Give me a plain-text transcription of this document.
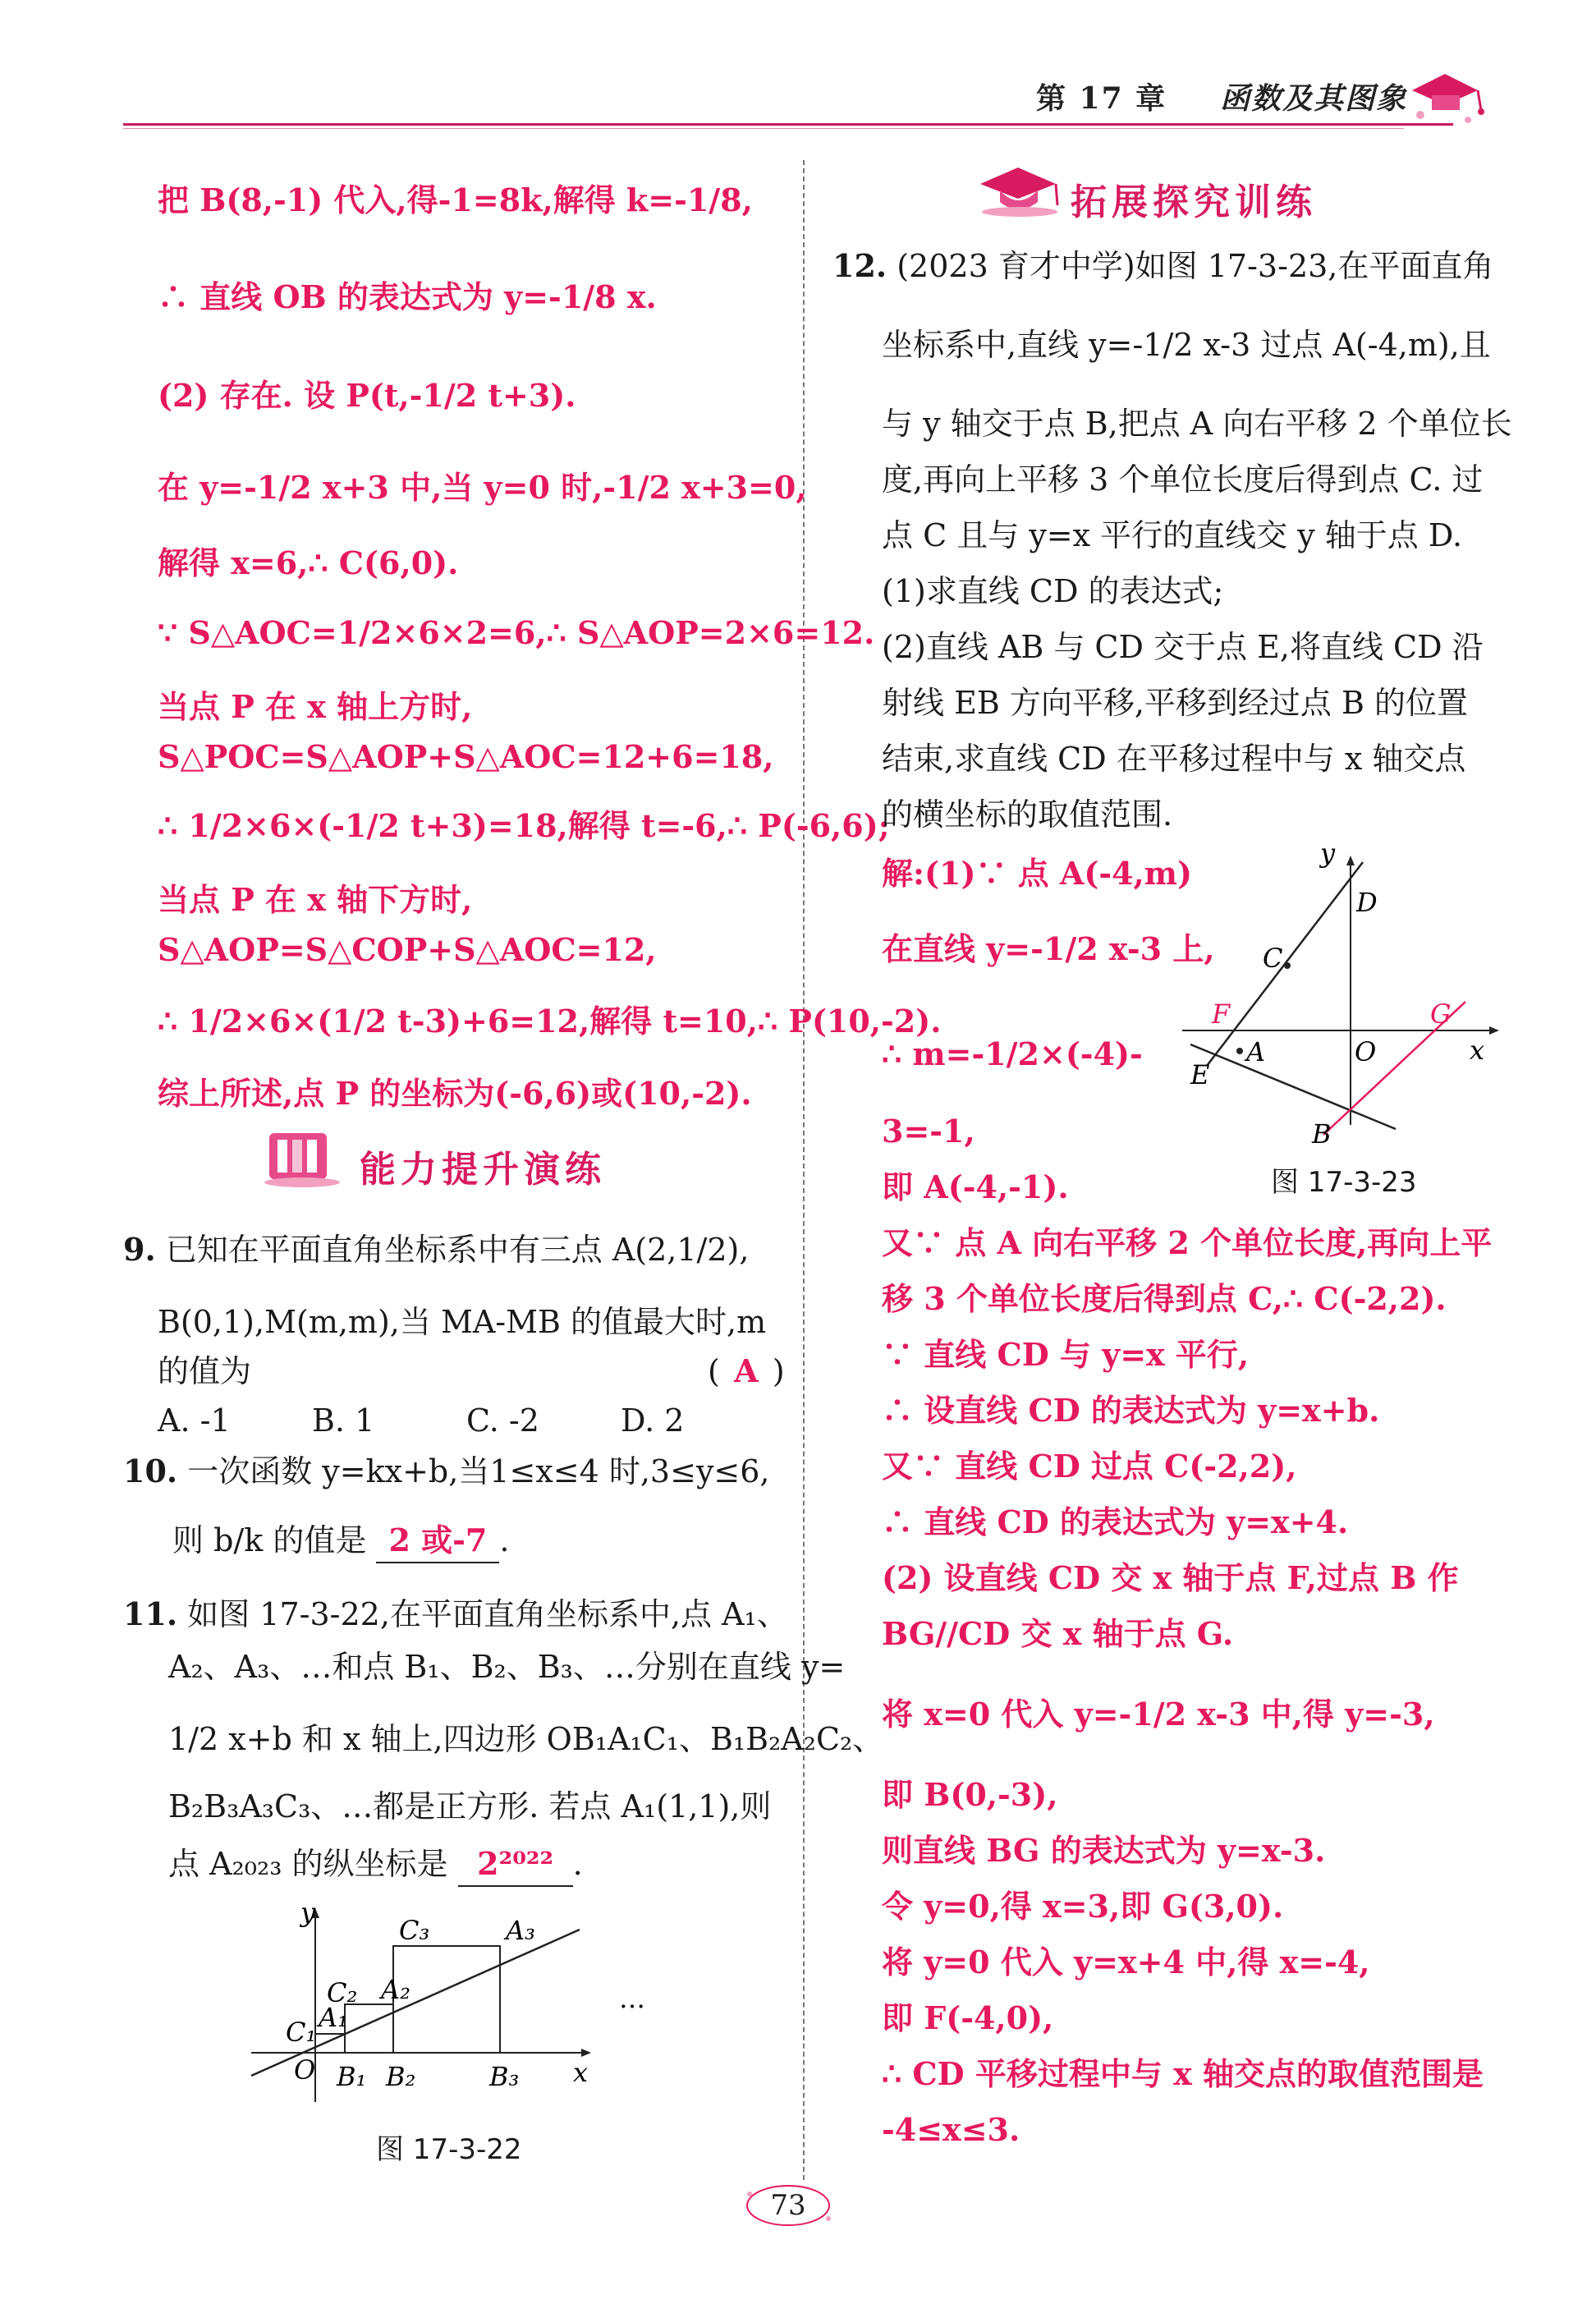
第 17 章 函数及其图象
把 B(8,-1) 代入,得-1=8k,解得 k=-1/8,
∴ 直线 OB 的表达式为 y=-1/8 x.
(2) 存在. 设 P(t,-1/2 t+3).
在 y=-1/2 x+3 中,当 y=0 时,-1/2 x+3=0,
解得 x=6,∴ C(6,0).
∵ S△AOC=1/2×6×2=6,∴ S△AOP=2×6=12.
当点 P 在 x 轴上方时,
S△POC=S△AOP+S△AOC=12+6=18,
∴ 1/2×6×(-1/2 t+3)=18,解得 t=-6,∴ P(-6,6);
当点 P 在 x 轴下方时,
S△AOP=S△COP+S△AOC=12,
∴ 1/2×6×(1/2 t-3)+6=12,解得 t=10,∴ P(10,-2).
综上所述,点 P 的坐标为(-6,6)或(10,-2).
能力提升演练
9. 已知在平面直角坐标系中有三点 A(2,1/2),
B(0,1),M(m,m),当 MA-MB 的值最大时,m
的值为	( A )
A. -1	B. 1	C. -2	D. 2
10. 一次函数 y=kx+b,当1≤x≤4 时,3≤y≤6,
则 b/k 的值是 2 或-7 .
11. 如图 17-3-22,在平面直角坐标系中,点 A₁、
A₂、A₃、…和点 B₁、B₂、B₃、…分别在直线 y=
1/2 x+b 和 x 轴上,四边形 OB₁A₁C₁、B₁B₂A₂C₂、
B₂B₃A₃C₃、…都是正方形. 若点 A₁(1,1),则
点 A₂₀₂₃ 的纵坐标是 2²⁰²² .
O
y
x
B₁ B₂	B₃
C₁
C₂
C₃
A₁
A₂
A₃
…
图 17-3-22
拓展探究训练
12. (2023 育才中学)如图 17-3-23,在平面直角
坐标系中,直线 y=-1/2 x-3 过点 A(-4,m),且
与 y 轴交于点 B,把点 A 向右平移 2 个单位长
度,再向上平移 3 个单位长度后得到点 C. 过
点 C 且与 y=x 平行的直线交 y 轴于点 D.
(1)求直线 CD 的表达式;
(2)直线 AB 与 CD 交于点 E,将直线 CD 沿
射线 EB 方向平移,平移到经过点 B 的位置
结束,求直线 CD 在平移过程中与 x 轴交点
的横坐标的取值范围.
解:(1)∵ 点 A(-4,m)
在直线 y=-1/2 x-3 上,
∴ m=-1/2×(-4)-
3=-1,
即 A(-4,-1).
y
x
O
D
C
F	G
A
E
B
图 17-3-23
又∵ 点 A 向右平移 2 个单位长度,再向上平
移 3 个单位长度后得到点 C,∴ C(-2,2).
∵ 直线 CD 与 y=x 平行,
∴ 设直线 CD 的表达式为 y=x+b.
又∵ 直线 CD 过点 C(-2,2),
∴ 直线 CD 的表达式为 y=x+4.
(2) 设直线 CD 交 x 轴于点 F,过点 B 作
BG//CD 交 x 轴于点 G.
将 x=0 代入 y=-1/2 x-3 中,得 y=-3,
即 B(0,-3),
则直线 BG 的表达式为 y=x-3.
令 y=0,得 x=3,即 G(3,0).
将 y=0 代入 y=x+4 中,得 x=-4,
即 F(-4,0),
∴ CD 平移过程中与 x 轴交点的取值范围是
-4≤x≤3.
73
